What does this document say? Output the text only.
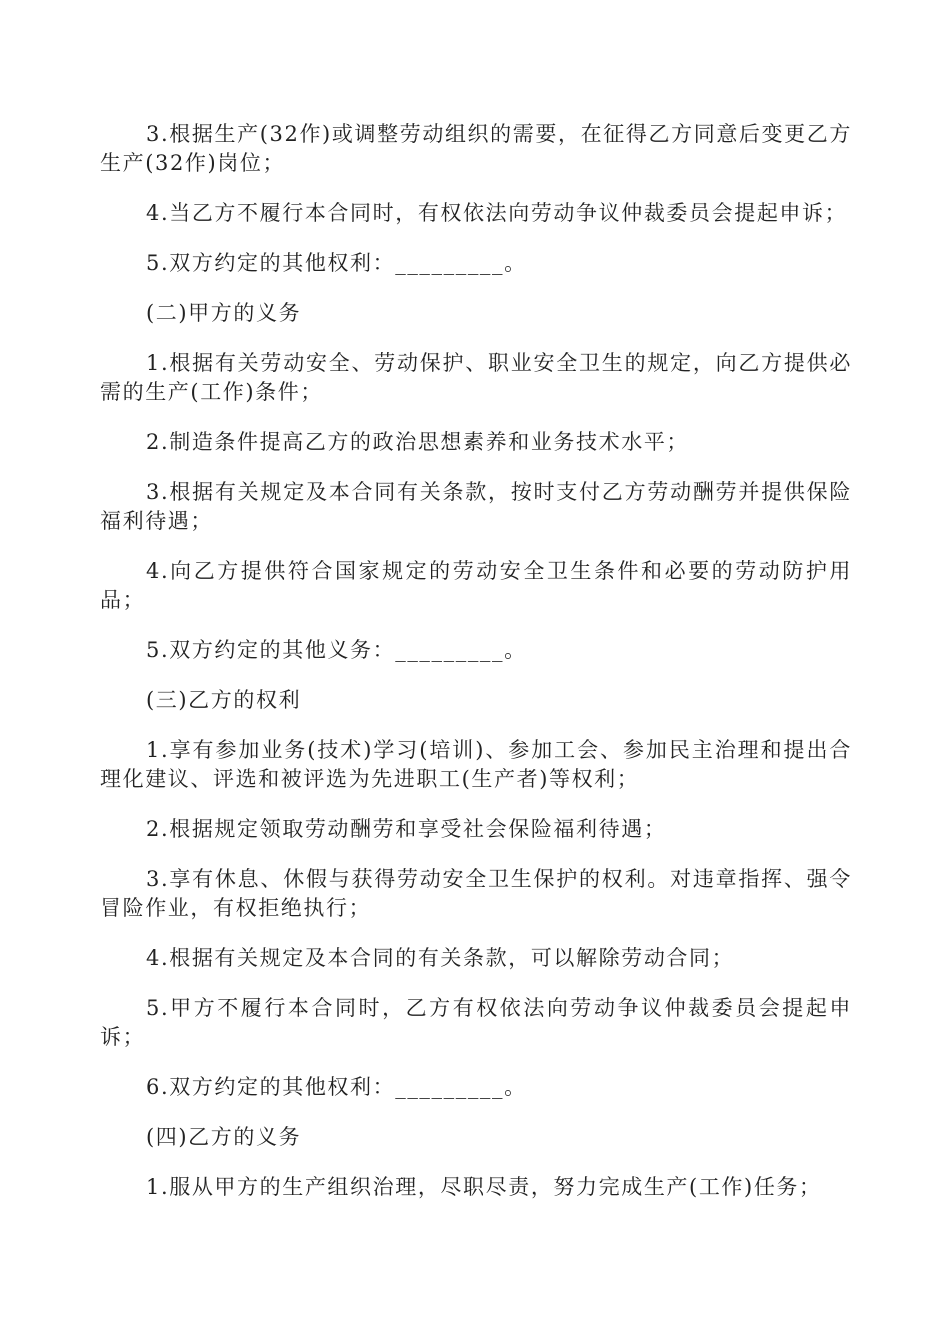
3.根据生产(32作)或调整劳动组织的需要，在征得乙方同意后变更乙方生产(32作)岗位；

4.当乙方不履行本合同时，有权依法向劳动争议仲裁委员会提起申诉；

5.双方约定的其他权利：_________。

(二)甲方的义务

1.根据有关劳动安全、劳动保护、职业安全卫生的规定，向乙方提供必需的生产(工作)条件；

2.制造条件提高乙方的政治思想素养和业务技术水平；

3.根据有关规定及本合同有关条款，按时支付乙方劳动酬劳并提供保险福利待遇；

4.向乙方提供符合国家规定的劳动安全卫生条件和必要的劳动防护用品；

5.双方约定的其他义务：_________。

(三)乙方的权利

1.享有参加业务(技术)学习(培训)、参加工会、参加民主治理和提出合理化建议、评选和被评选为先进职工(生产者)等权利；

2.根据规定领取劳动酬劳和享受社会保险福利待遇；

3.享有休息、休假与获得劳动安全卫生保护的权利。对违章指挥、强令冒险作业，有权拒绝执行；

4.根据有关规定及本合同的有关条款，可以解除劳动合同；

5.甲方不履行本合同时，乙方有权依法向劳动争议仲裁委员会提起申诉；

6.双方约定的其他权利：_________。

(四)乙方的义务

1.服从甲方的生产组织治理，尽职尽责，努力完成生产(工作)任务；
